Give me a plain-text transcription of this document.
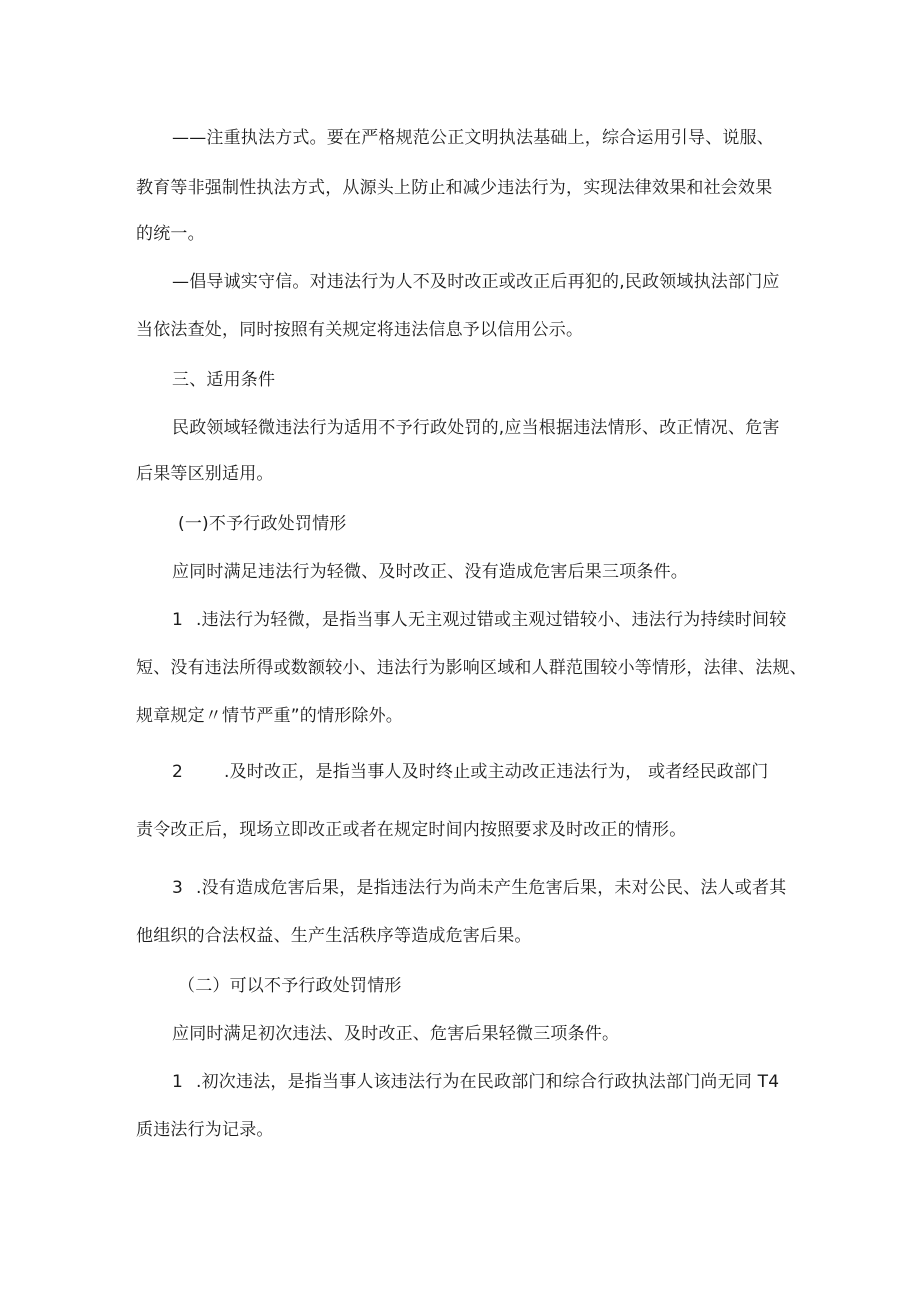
——注重执法方式。要在严格规范公正文明执法基础上，综合运用引导、说服、
教育等非强制性执法方式，从源头上防止和减少违法行为，实现法律效果和社会效果
的统一。
—倡导诚实守信。对违法行为人不及时改正或改正后再犯的,民政领域执法部门应
当依法查处，同时按照有关规定将违法信息予以信用公示。
三、适用条件
民政领域轻微违法行为适用不予行政处罚的,应当根据违法情形、改正情况、危害
后果等区别适用。
(一)不予行政处罚情形
应同时满足违法行为轻微、及时改正、没有造成危害后果三项条件。
1 .违法行为轻微，是指当事人无主观过错或主观过错较小、违法行为持续时间较
短、没有违法所得或数额较小、违法行为影响区域和人群范围较小等情形，法律、法规、
规章规定〃情节严重”的情形除外。
2 .及时改正，是指当事人及时终止或主动改正违法行为， 或者经民政部门
责令改正后，现场立即改正或者在规定时间内按照要求及时改正的情形。
3 .没有造成危害后果，是指违法行为尚未产生危害后果，未对公民、法人或者其
他组织的合法权益、生产生活秩序等造成危害后果。
（二）可以不予行政处罚情形
应同时满足初次违法、及时改正、危害后果轻微三项条件。
1 .初次违法，是指当事人该违法行为在民政部门和综合行政执法部门尚无同 T4
质违法行为记录。
